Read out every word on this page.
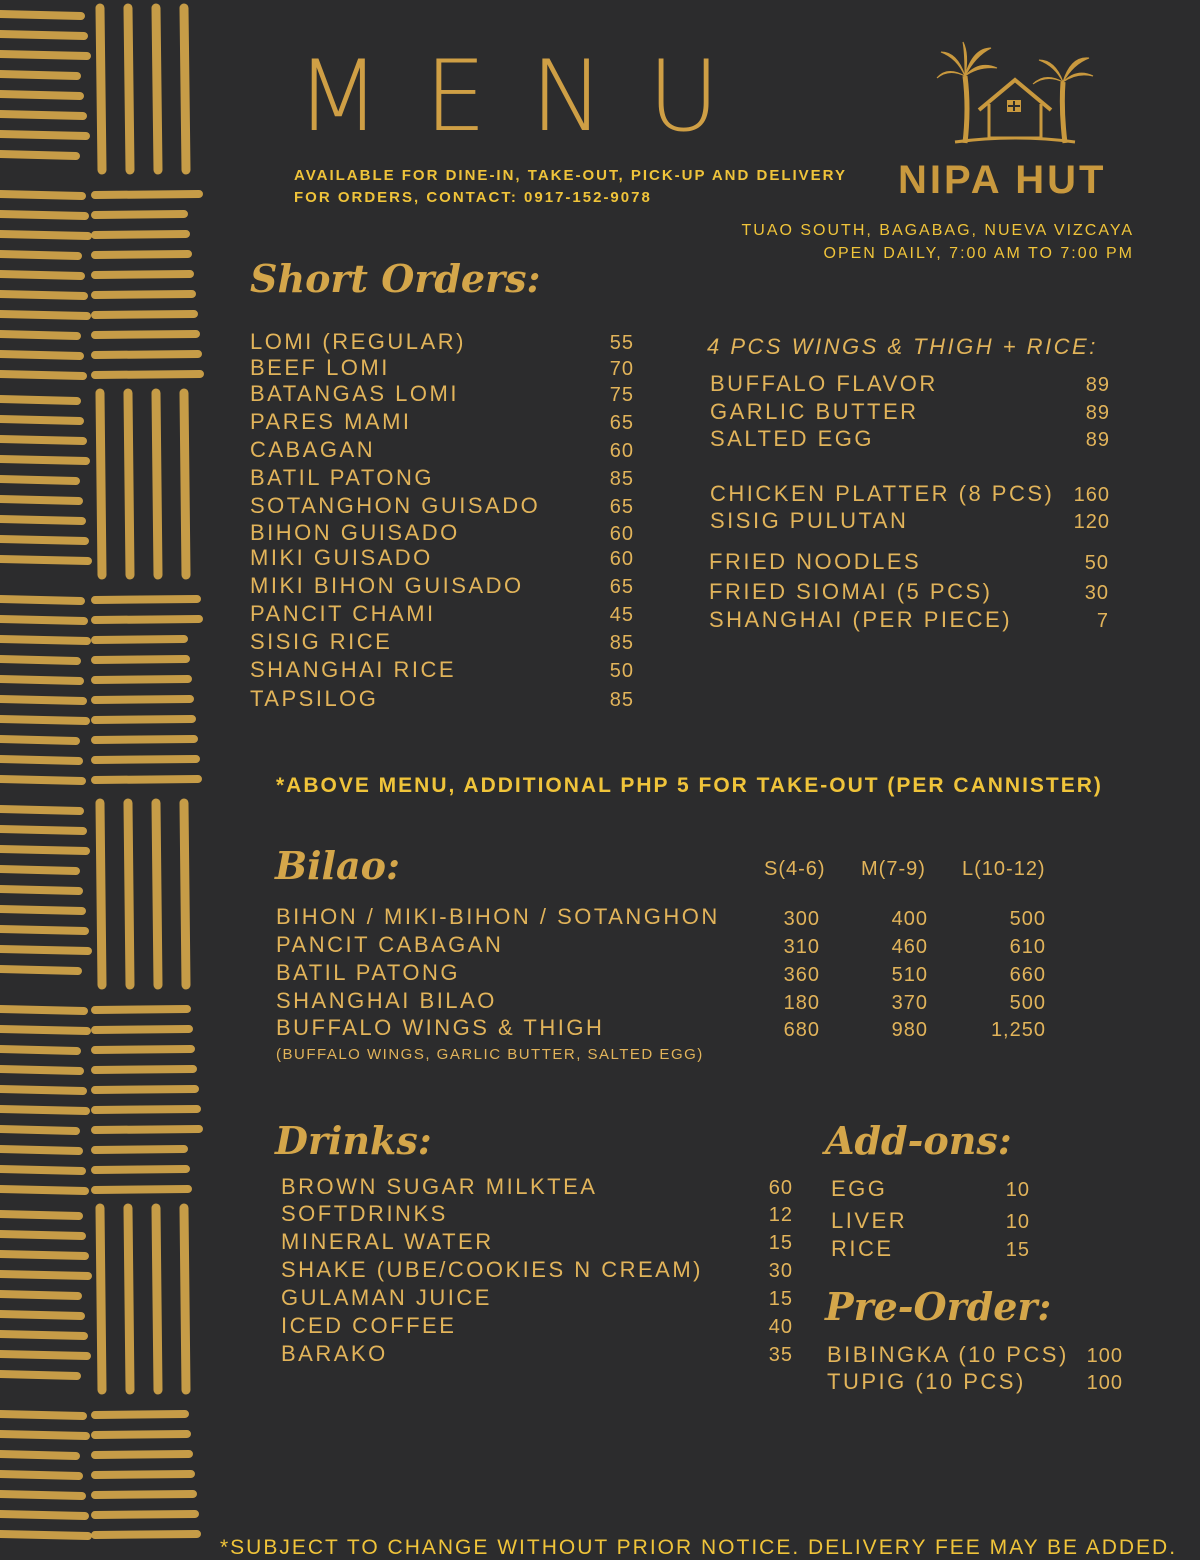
MENU
AVAILABLE FOR DINE-IN, TAKE-OUT, PICK-UP AND DELIVERY
FOR ORDERS, CONTACT: 0917-152-9078	NIPA HUT
TUAO SOUTH, BAGABAG, NUEVA VIZCAYA
OPEN DAILY, 7:00 AM TO 7:00 PM
Short Orders:
LOMI (REGULAR)	55
BEEF LOMI	70
BATANGAS LOMI	75
PARES MAMI	65
CABAGAN	60
BATIL PATONG	85
SOTANGHON GUISADO	65
BIHON GUISADO	60
MIKI GUISADO	60
MIKI BIHON GUISADO	65
PANCIT CHAMI	45
SISIG RICE	85
SHANGHAI RICE	50
TAPSILOG	85
4 PCS WINGS & THIGH + RICE:
BUFFALO FLAVOR	89
GARLIC BUTTER	89
SALTED EGG	89
CHICKEN PLATTER (8 PCS) 160
SISIG PULUTAN	120
FRIED NOODLES	50
FRIED SIOMAI (5 PCS)	30
SHANGHAI (PER PIECE)	7
*ABOVE MENU, ADDITIONAL PHP 5 FOR TAKE-OUT (PER CANNISTER)
Bilao:	S(4-6) M(7-9) L(10-12)
BIHON / MIKI-BIHON / SOTANGHON	300	400	500
PANCIT CABAGAN	310	460	610
BATIL PATONG	360	510	660
SHANGHAI BILAO	180	370	500
BUFFALO WINGS & THIGH	680	980	1,250
(BUFFALO WINGS, GARLIC BUTTER, SALTED EGG)
Drinks:
BROWN SUGAR MILKTEA	60
SOFTDRINKS	12
MINERAL WATER	15
SHAKE (UBE/COOKIES N CREAM)	30
GULAMAN JUICE	15
ICED COFFEE	40
BARAKO	35
Add-ons:
EGG	10
LIVER	10
RICE	15
Pre-Order:
BIBINGKA (10 PCS) 100
TUPIG (10 PCS)	100
*SUBJECT TO CHANGE WITHOUT PRIOR NOTICE. DELIVERY FEE MAY BE ADDED.
